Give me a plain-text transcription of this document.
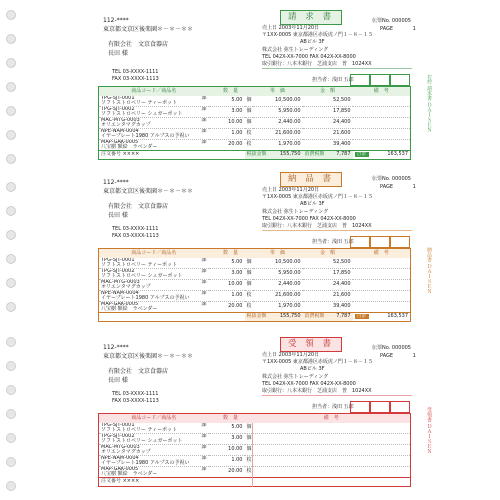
請 求 書
112-****
東京都文京区後楽園＊－＊－＊＊
有限会社　文京食器店
長田 様
TEL 03-XXXX-1111
FAX 03-XXXX-1113
売上日 2003年11月20日
伝票No. 000005
PAGE	1
〒1XX-0005 東京都港区赤坂虎ノ門１－８－１５
ABビル 3F
株式会社 弥生トレーディング
TEL 042X-XX-7000 FAX 042X-XX-8000
取引銀行：八本木銀行　芝浦支店　普　1024XX
担当者：浅田 五郎
商品コード／商品名	数　量		単　価	金　額	備　考
TPG-SJT-0001 課

ソフトストロベリー ティーポット	5.00	個	10,500.00	52,500	
TPG-SJT-0002 課

ソフトストロベリー シュガーポット	3.00	個	5,950.00	17,850	
MAC-MTG-0003 課

オリエンタマグカップ	10.00	個	2,440.00	24,400	
NPE-NAM-0004 課

イヤープレート1980 アルプスの予祝い	1.00	枚	21,600.00	21,600	
MAP-GAK-0005 課

八宝樹 額絵　ラベンダー	20.00	枚	1,970.00	39,400	
注文番号 ××××		税抜金額 155,750		消費税額 7,787	合計 163,537
お控 請求書 ＤＡＩＳＥＮ
納 品 書
112-****
東京都文京区後楽園＊－＊－＊＊
有限会社　文京食器店
長田 様
TEL 03-XXXX-1111
FAX 03-XXXX-1113
売上日 2003年11月20日
伝票No. 000005
PAGE	1
〒1XX-0005 東京都港区赤坂虎ノ門１－８－１５
ABビル 3F
株式会社 弥生トレーディング
TEL 042X-XX-7000 FAX 042X-XX-8000
取引銀行：八本木銀行　芝浦支店　普　1024XX
担当者：浅田 五郎
商品コード／商品名	数　量		単　価	金　額	備　考
TPG-SJT-0001 課

ソフトストロベリー ティーポット	5.00	個	10,500.00	52,500	
TPG-SJT-0002 課

ソフトストロベリー シュガーポット	3.00	個	5,950.00	17,850	
MAC-MTG-0003 課

オリエンタマグカップ	10.00	個	2,440.00	24,400	
NPE-NAM-0004 課

イヤープレート1980 アルプスの予祝い	1.00	枚	21,600.00	21,600	
MAP-GAK-0005 課

八宝樹 額絵　ラベンダー	20.00	枚	1,970.00	39,400	
		税抜金額 155,750		消費税額 7,787	合計 163,537
納品書 ＤＡＩＳＥＮ
受 領 書
112-****
東京都文京区後楽園＊－＊－＊＊
有限会社　文京食器店
長田 様
TEL 03-XXXX-1111
FAX 03-XXXX-1113
売上日 2003年11月20日
伝票No. 000005
PAGE	1
〒1XX-0005 東京都港区赤坂虎ノ門１－８－１５
ABビル 3F
株式会社 弥生トレーディング
TEL 042X-XX-7000 FAX 042X-XX-8000
取引銀行：八本木銀行　芝浦支店　普　1024XX
担当者：浅田 五郎
商品コード／商品名	数　量		備　考
TPG-SJT-0001 課

ソフトストロベリー ティーポット	5.00	個	
TPG-SJT-0002 課

ソフトストロベリー シュガーポット	3.00	個	
MAC-MTG-0003 課

オリエンタマグカップ	10.00	個	
NPE-NAM-0004 課

イヤープレート1980 アルプスの予祝い	1.00	枚	
MAP-GAK-0005 課

八宝樹 額絵　ラベンダー	20.00	枚	
注文番号 ××××			
受領書 ＤＡＩＳＥＮ
